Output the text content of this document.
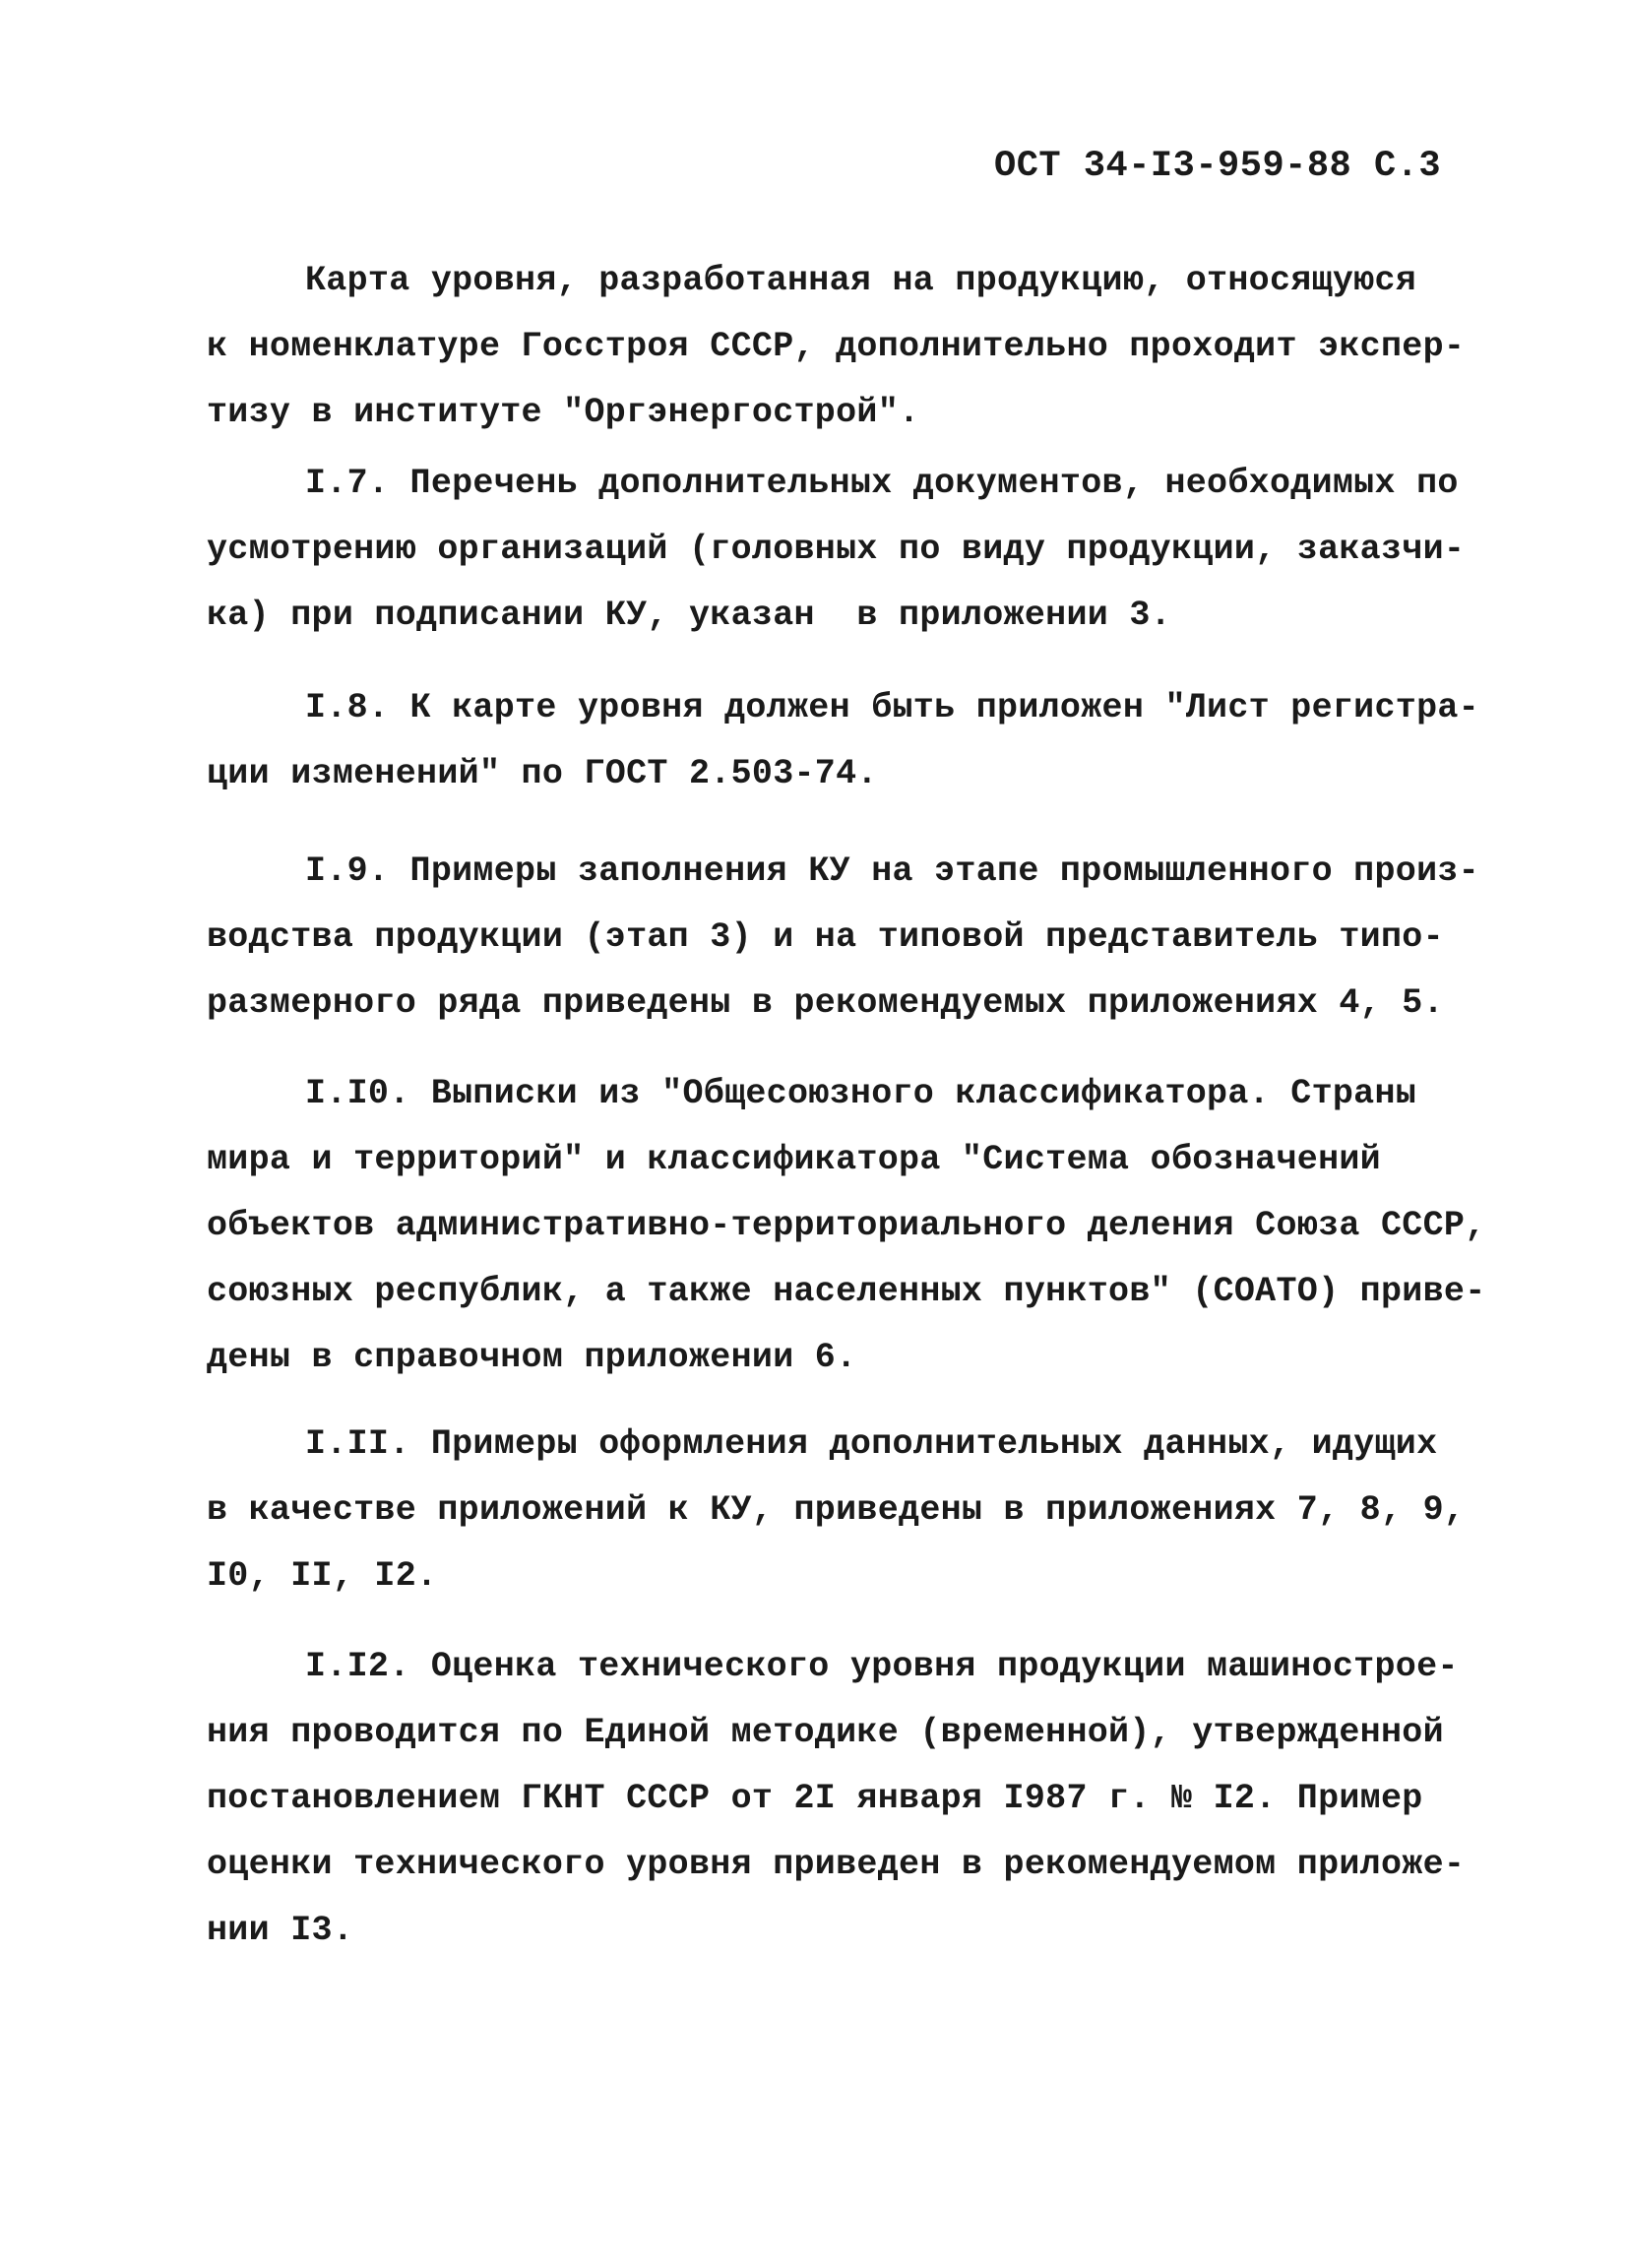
ОСТ 34-I3-959-88 С.3
Карта уровня, разработанная на продукцию, относящуюся
к номенклатуре Госстроя СССР, дополнительно проходит экспер-
тизу в институте "Оргэнергострой".
I.7. Перечень дополнительных документов, необходимых по
усмотрению организаций (головных по виду продукции, заказчи-
ка) при подписании КУ, указан  в приложении 3.
I.8. К карте уровня должен быть приложен "Лист регистра-
ции изменений" по ГОСТ 2.503-74.
I.9. Примеры заполнения КУ на этапе промышленного произ-
водства продукции (этап 3) и на типовой представитель типо-
размерного ряда приведены в рекомендуемых приложениях 4, 5.
I.I0. Выписки из "Общесоюзного классификатора. Страны
мира и территорий" и классификатора "Система обозначений
объектов административно-территориального деления Союза СССР,
союзных республик, а также населенных пунктов" (СОАТО) приве-
дены в справочном приложении 6.
I.II. Примеры оформления дополнительных данных, идущих
в качестве приложений к КУ, приведены в приложениях 7, 8, 9,
I0, II, I2.
I.I2. Оценка технического уровня продукции машинострое-
ния проводится по Единой методике (временной), утвержденной
постановлением ГКНТ СССР от 2I января I987 г. № I2. Пример
оценки технического уровня приведен в рекомендуемом приложе-
нии I3.
